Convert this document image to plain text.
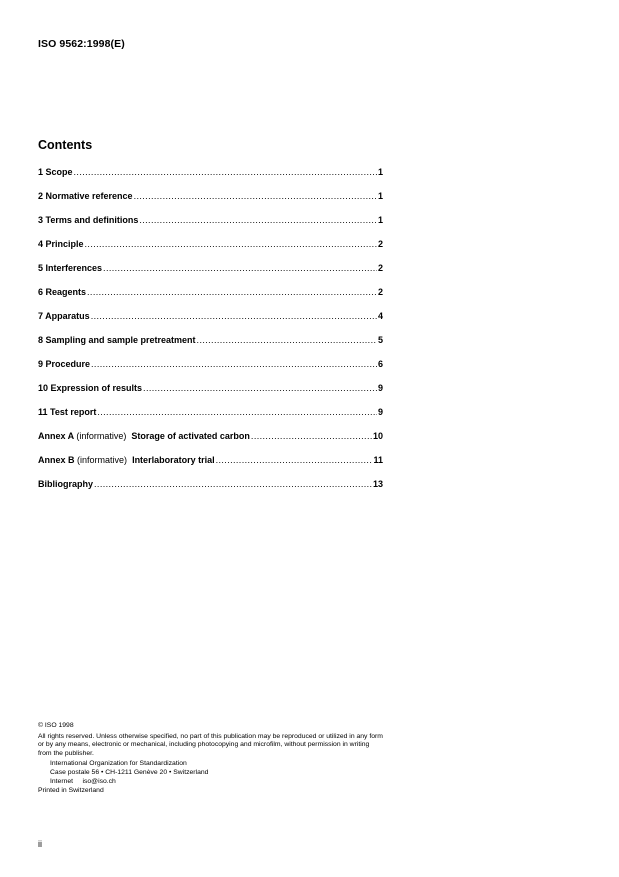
ISO 9562:1998(E)
Contents
1 Scope .....	1
2 Normative reference .....	1
3 Terms and definitions .....	1
4 Principle .....	2
5 Interferences .....	2
6 Reagents .....	2
7 Apparatus .....	4
8 Sampling and sample pretreatment .....	5
9 Procedure .....	6
10 Expression of results .....	9
11 Test report .....	9
Annex A (informative) Storage of activated carbon .....	10
Annex B (informative) Interlaboratory trial .....	11
Bibliography .....	13
© ISO 1998
All rights reserved. Unless otherwise specified, no part of this publication may be reproduced or utilized in any form or by any means, electronic or mechanical, including photocopying and microfilm, without permission in writing from the publisher.
International Organization for Standardization
Case postale 56 • CH-1211 Genève 20 • Switzerland
Internet     iso@iso.ch
Printed in Switzerland
ii
